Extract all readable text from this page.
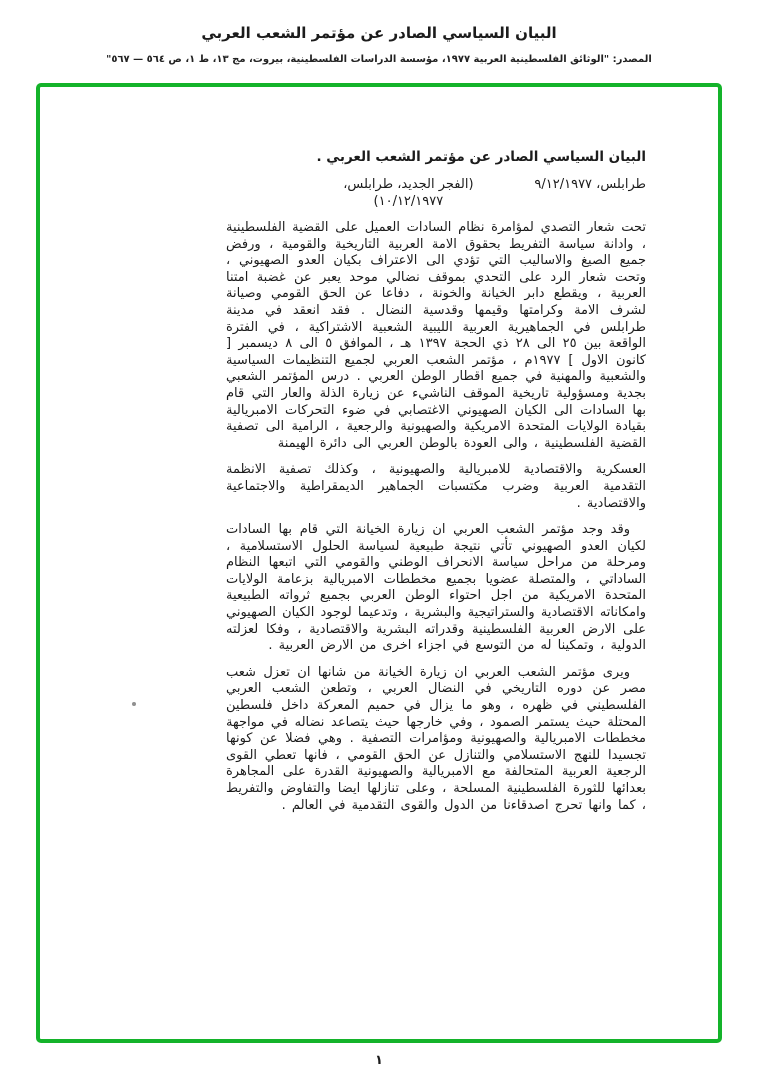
البيان السياسي الصادر عن مؤتمر الشعب العربي
المصدر: "الوثائق الفلسطينية العربية ١٩٧٧، مؤسسة الدراسات الفلسطينية، بيروت، مج ١٣، ط ١، ص ٥٦٤ — ٥٦٧"
البيان السياسي الصادر عن مؤتمر الشعب العربي .
طرابلس، ٩/١٢/١٩٧٧
(الفجر الجديد، طرابلس، ١٠/١٢/١٩٧٧)

تحت شعار التصدي لمؤامرة نظام السادات العميل على القضية الفلسطينية ، وادانة سياسة التفريط بحقوق الامة العربية التاريخية والقومية ، ورفض جميع الصيغ والاساليب التي تؤدي الى الاعتراف بكيان العدو الصهيوني ، وتحت شعار الرد على التحدي بموقف نضالي موحد يعبر عن غضبة امتنا العربية ، ويقطع دابر الخيانة والخونة ، دفاعا عن الحق القومي وصيانة لشرف الامة وكرامتها وقيمها وقدسية النضال . فقد انعقد في مدينة طرابلس في الجماهيرية العربية الليبية الشعبية الاشتراكية ، في الفترة الواقعة بين ٢٥ الى ٢٨ ذي الحجة ١٣٩٧ هـ ، الموافق ٥ الى ٨ ديسمبر [ كانون الاول ] ١٩٧٧م ، مؤتمر الشعب العربي لجميع التنظيمات السياسية والشعبية والمهنية في جميع اقطار الوطن العربي . درس المؤتمر الشعبي بجدية ومسؤولية تاريخية الموقف الناشيء عن زيارة الذلة والعار التي قام بها السادات الى الكيان الصهيوني الاغتصابي في ضوء التحركات الامبريالية بقيادة الولايات المتحدة الامريكية والصهيونية والرجعية ، الرامية الى تصفية القضية الفلسطينية ، والى العودة بالوطن العربي الى دائرة الهيمنة

العسكرية والاقتصادية للامبريالية والصهيونية ، وكذلك تصفية الانظمة التقدمية العربية وضرب مكتسبات الجماهير الديمقراطية والاجتماعية والاقتصادية .

وقد وجد مؤتمر الشعب العربي ان زيارة الخيانة التي قام بها السادات لكيان العدو الصهيوني تأتي نتيجة طبيعية لسياسة الحلول الاستسلامية ، ومرحلة من مراحل سياسة الانحراف الوطني والقومي التي اتبعها النظام الساداتي ، والمتصلة عضويا بجميع مخططات الامبريالية بزعامة الولايات المتحدة الامريكية من اجل احتواء الوطن العربي بجميع ثرواته الطبيعية وامكاناته الاقتصادية والستراتيجية والبشرية ، وتدعيما لوجود الكيان الصهيوني على الارض العربية الفلسطينية وقدراته البشرية والاقتصادية ، وفكا لعزلته الدولية ، وتمكينا له من التوسع في اجزاء اخرى من الارض العربية .

ويرى مؤتمر الشعب العربي ان زيارة الخيانة من شانها ان تعزل شعب مصر عن دوره التاريخي في النضال العربي ، وتطعن الشعب العربي الفلسطيني في ظهره ، وهو ما يزال في حميم المعركة داخل فلسطين المحتلة حيث يستمر الصمود ، وفي خارجها حيث يتصاعد نضاله في مواجهة مخططات الامبريالية والصهيونية ومؤامرات التصفية . وهي فضلا عن كونها تجسيدا للنهج الاستسلامي والتنازل عن الحق القومي ، فانها تعطي القوى الرجعية العربية المتحالفة مع الامبريالية والصهيونية القدرة على المجاهرة بعدائها للثورة الفلسطينية المسلحة ، وعلى تنازلها ايضا والتفاوض والتفريط ، كما وانها تحرج اصدقاءنا من الدول والقوى التقدمية في العالم .

١
